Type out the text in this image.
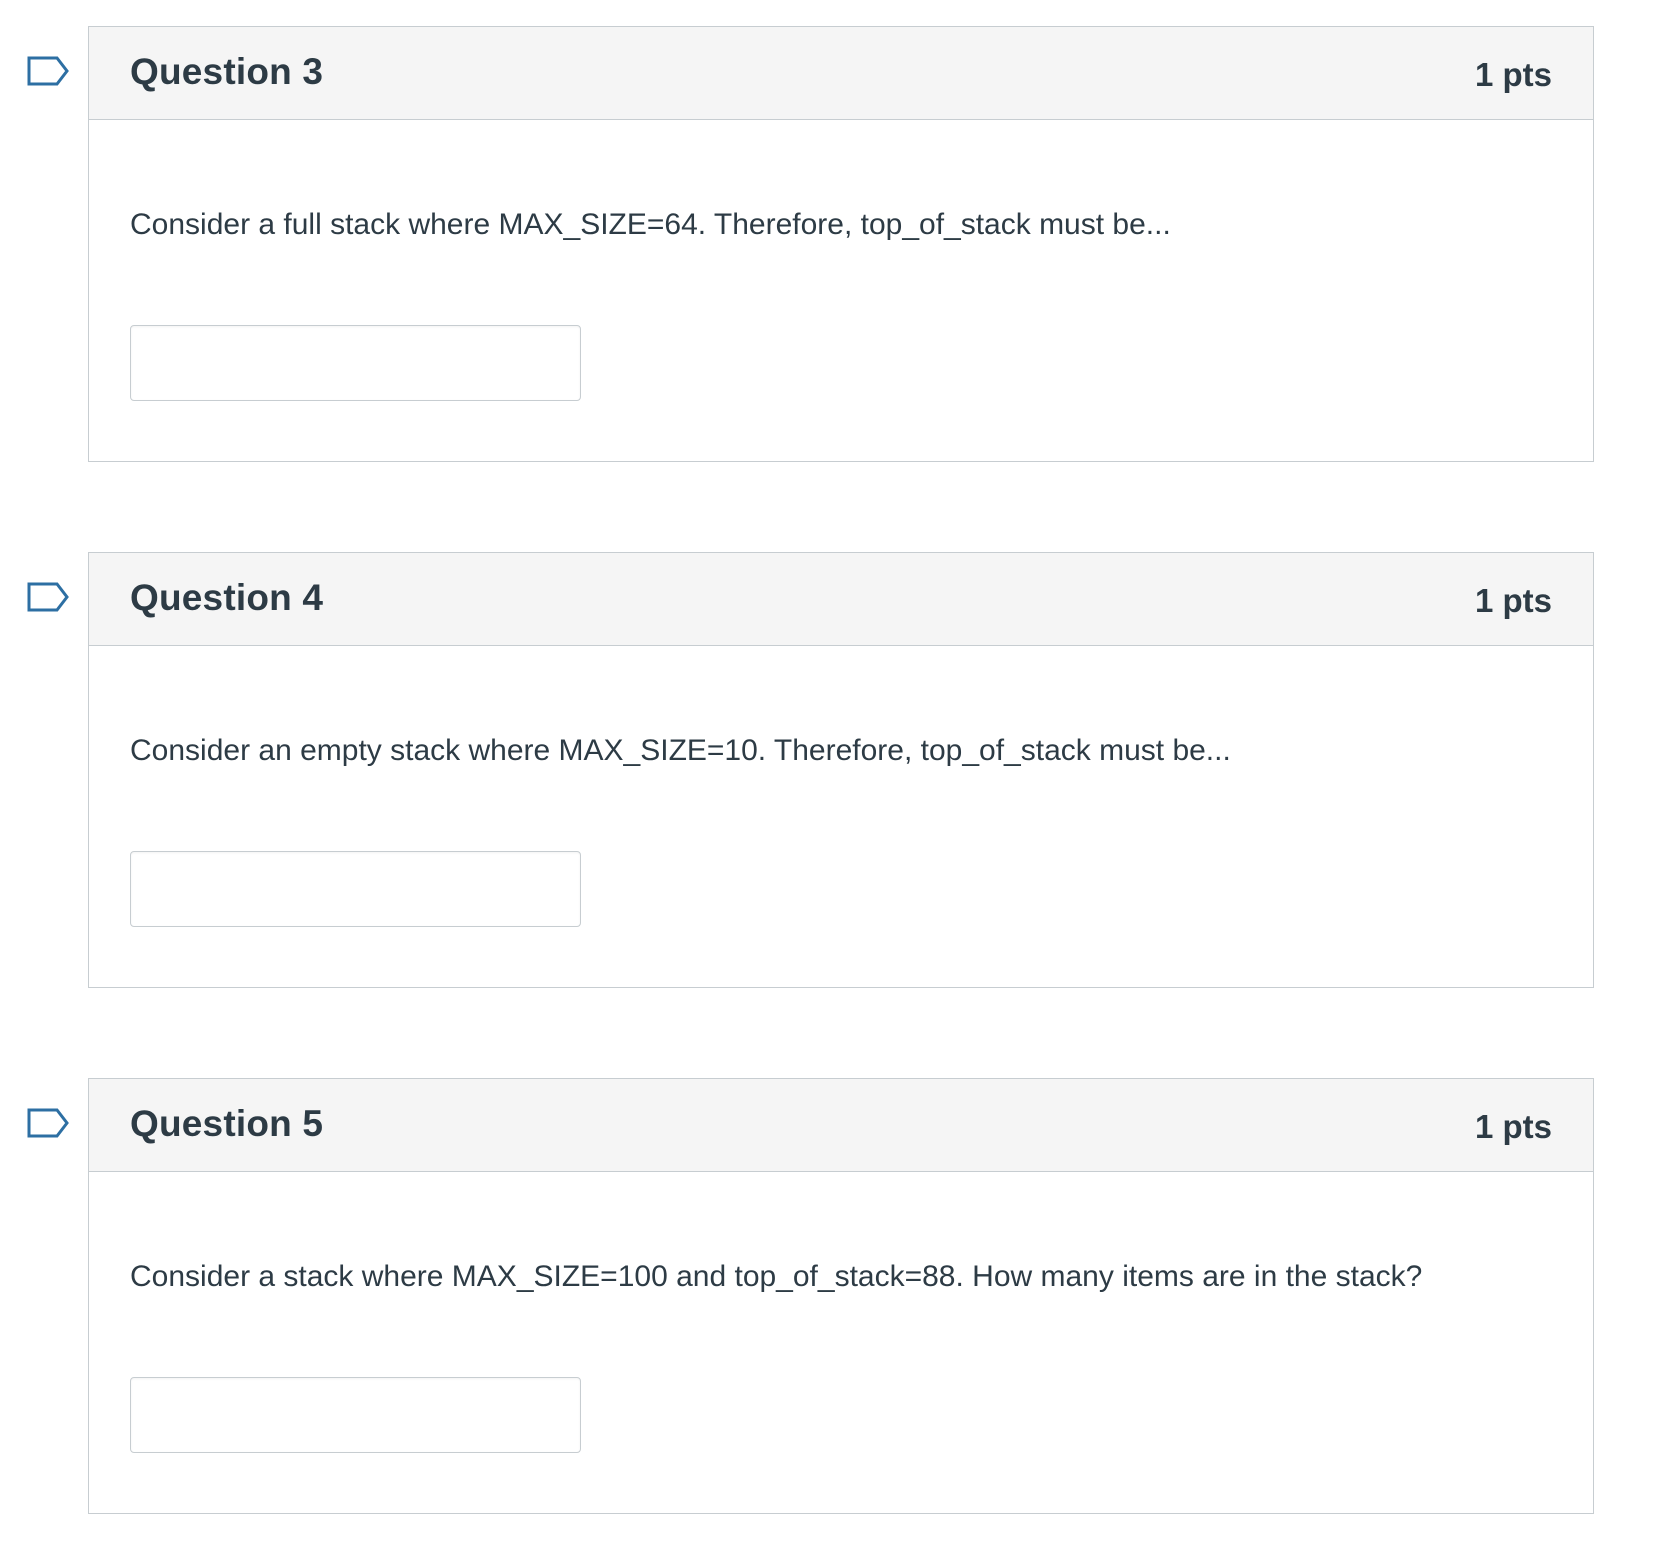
Question 3	1 pts
Consider a full stack where MAX_SIZE=64. Therefore, top_of_stack must be...
Question 4	1 pts
Consider an empty stack where MAX_SIZE=10. Therefore, top_of_stack must be...
Question 5	1 pts
Consider a stack where MAX_SIZE=100 and top_of_stack=88. How many items are in the stack?
